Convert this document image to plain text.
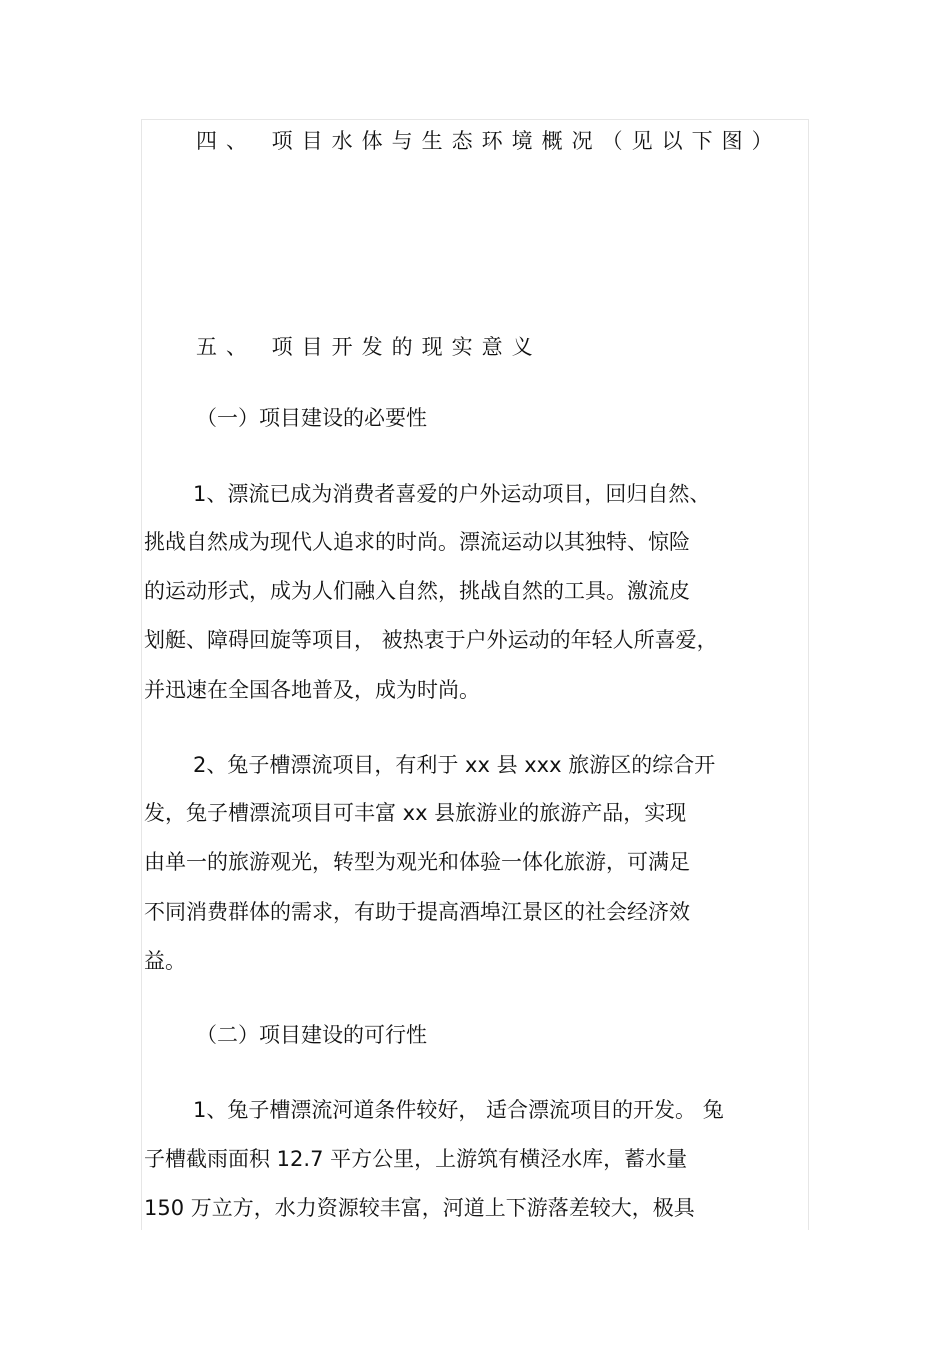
四、 项目水体与生态环境概况（见以下图）
五、 项目开发的现实意义
（一）项目建设的必要性
1、漂流已成为消费者喜爱的户外运动项目，回归自然、
挑战自然成为现代人追求的时尚。漂流运动以其独特、惊险
的运动形式，成为人们融入自然，挑战自然的工具。激流皮
划艇、障碍回旋等项目， 被热衷于户外运动的年轻人所喜爱，
并迅速在全国各地普及，成为时尚。
2、兔子槽漂流项目，有利于 xx 县 xxx 旅游区的综合开
发，兔子槽漂流项目可丰富 xx 县旅游业的旅游产品，实现
由单一的旅游观光，转型为观光和体验一体化旅游，可满足
不同消费群体的需求，有助于提高酒埠江景区的社会经济效
益。
（二）项目建设的可行性
1、兔子槽漂流河道条件较好， 适合漂流项目的开发。 兔
子槽截雨面积 12.7 平方公里，上游筑有横泾水库，蓄水量
150 万立方，水力资源较丰富，河道上下游落差较大，极具
